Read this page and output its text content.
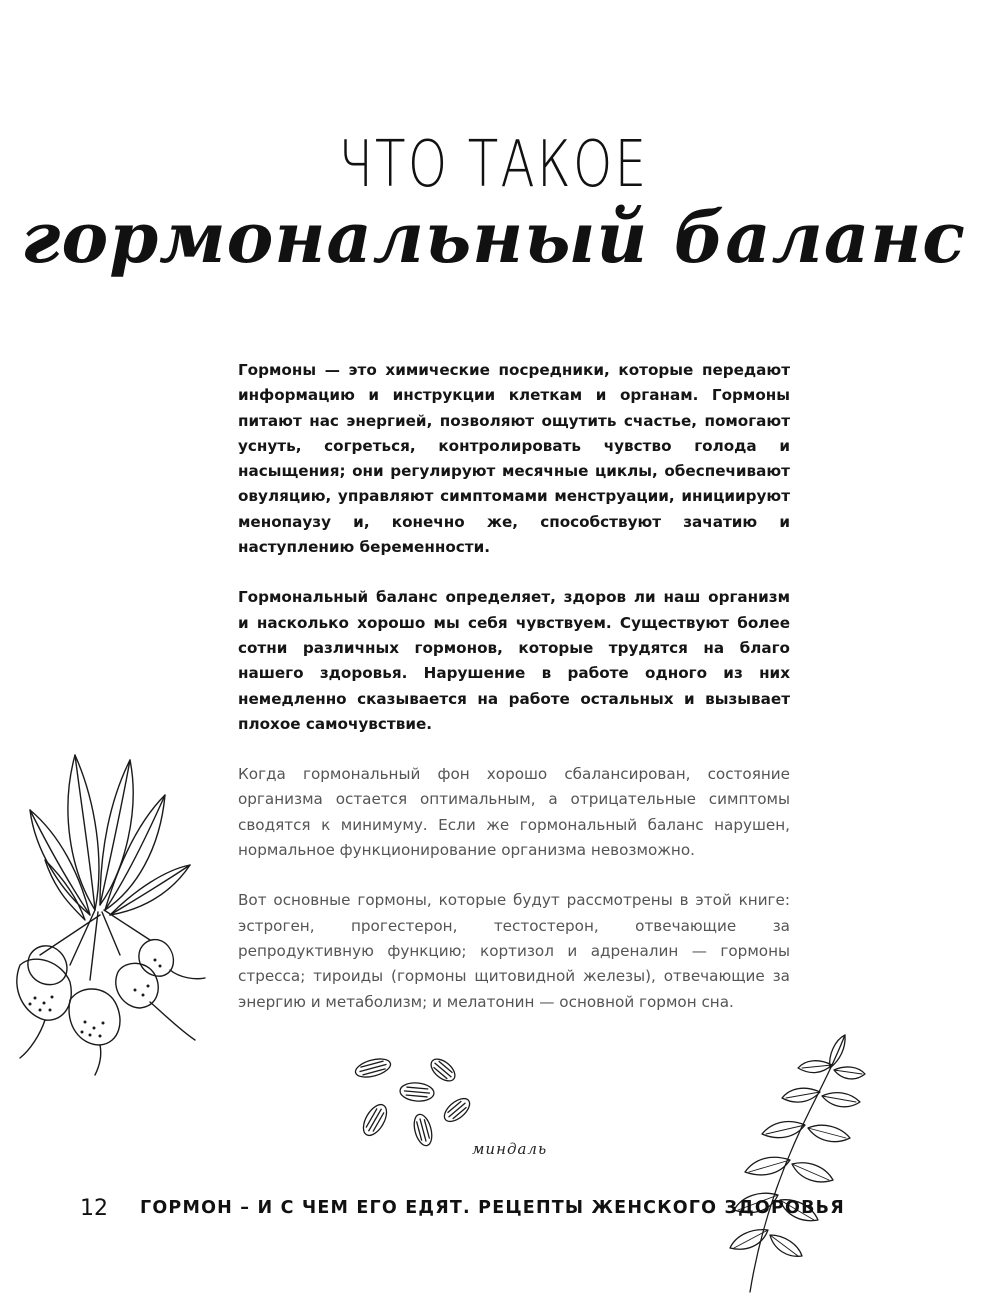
ЧТО ТАКОЕ
гормональный баланс

Гормоны — это химические посредники, которые передают информацию и инструкции клеткам и органам. Гормоны питают нас энергией, позволяют ощутить счастье, помогают уснуть, согреться, контролировать чувство голода и насыщения; они регулируют месячные циклы, обеспечивают овуляцию, управляют симптомами менструации, инициируют менопаузу и, конечно же, способствуют зачатию и наступлению беременности.

Гормональный баланс определяет, здоров ли наш организм и насколько хорошо мы себя чувствуем. Существуют более сотни различных гормонов, которые трудятся на благо нашего здоровья. Нарушение в работе одного из них немедленно сказывается на работе остальных и вызывает плохое самочувствие.

Когда гормональный фон хорошо сбалансирован, состояние организма остается оптимальным, а отрицательные симптомы сводятся к минимуму. Если же гормональный баланс нарушен, нормальное функционирование организма невозможно.

Вот основные гормоны, которые будут рассмотрены в этой книге: эстроген, прогестерон, тестостерон, отвечающие за репродуктивную функцию; кортизол и адреналин — гормоны стресса; тироиды (гормоны щитовидной железы), отвечающие за энергию и метаболизм; и мелатонин — основной гормон сна.

миндаль
12 ГОРМОН – И С ЧЕМ ЕГО ЕДЯТ. РЕЦЕПТЫ ЖЕНСКОГО ЗДОРОВЬЯ
